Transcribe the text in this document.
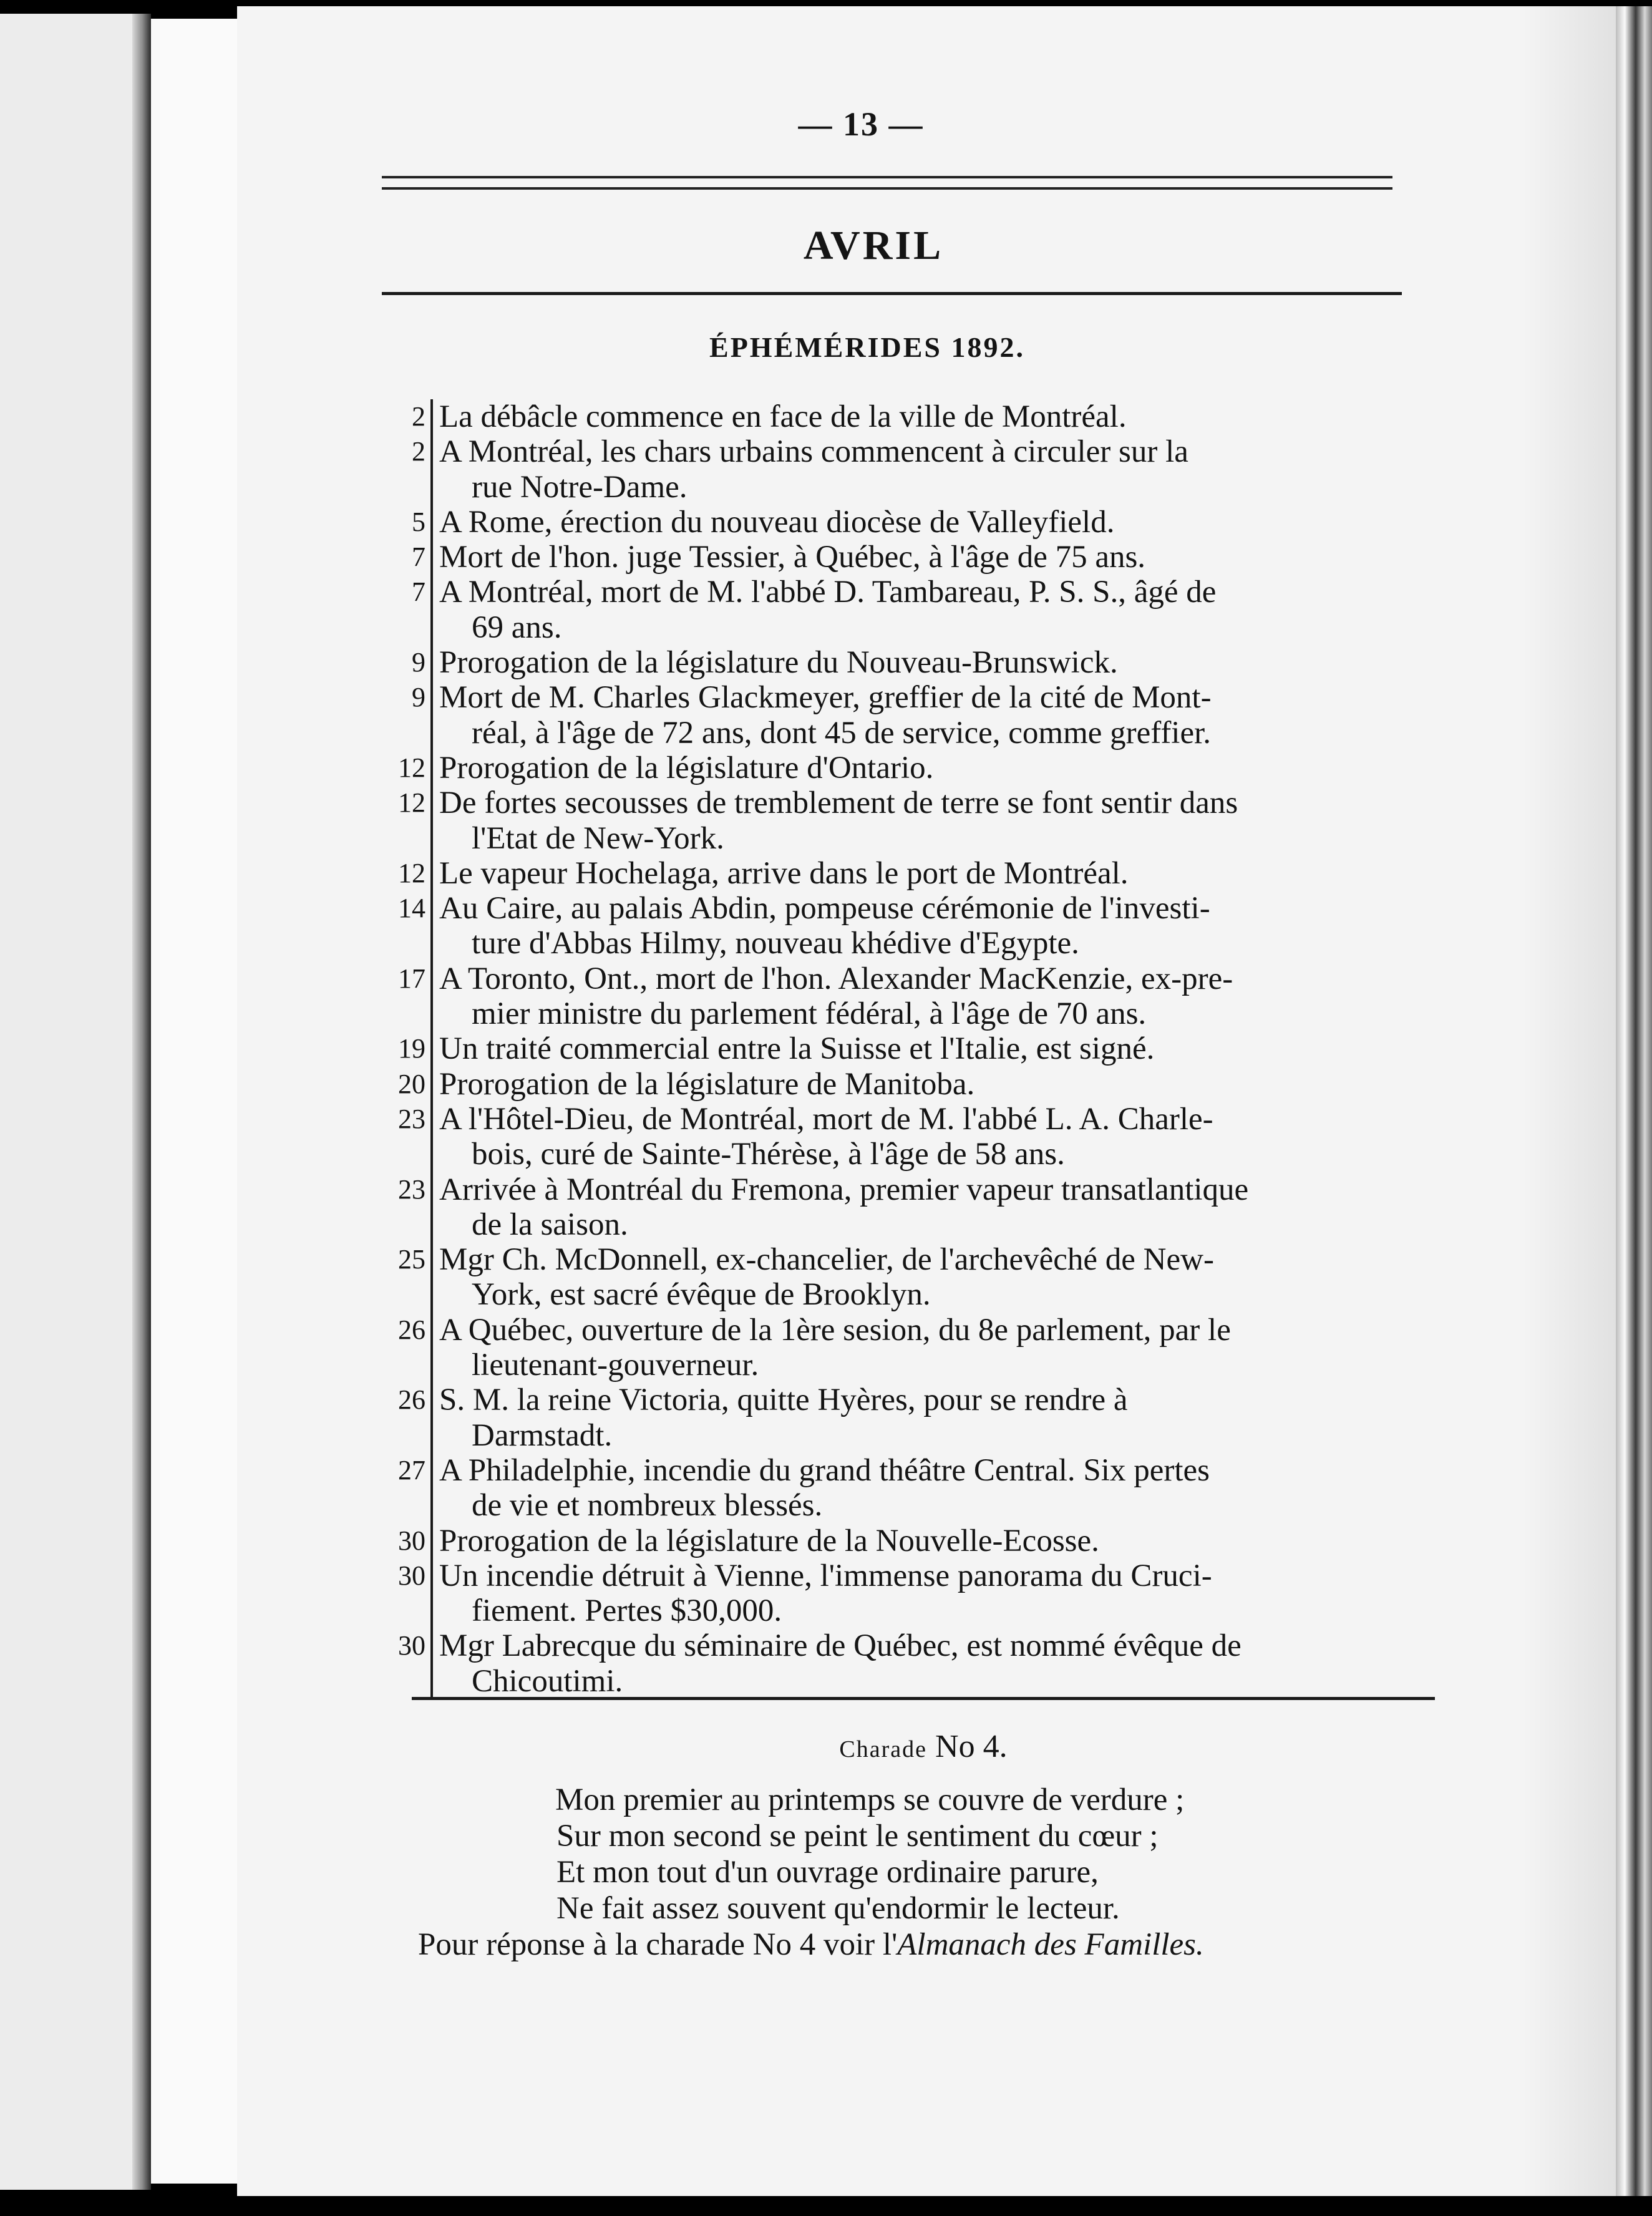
— 13 —
AVRIL
ÉPHÉMÉRIDES 1892.
2 La débâcle commence en face de la ville de Montréal.
2 A Montréal, les chars urbains commencent à circuler sur la
rue Notre-Dame.
5 A Rome, érection du nouveau diocèse de Valleyfield.
7 Mort de l'hon. juge Tessier, à Québec, à l'âge de 75 ans.
7 A Montréal, mort de M. l'abbé D. Tambareau, P. S. S., âgé de
69 ans.
9 Prorogation de la législature du Nouveau-Brunswick.
9 Mort de M. Charles Glackmeyer, greffier de la cité de Mont-
réal, à l'âge de 72 ans, dont 45 de service, comme greffier.
12 Prorogation de la législature d'Ontario.
12 De fortes secousses de tremblement de terre se font sentir dans
l'Etat de New-York.
12 Le vapeur Hochelaga, arrive dans le port de Montréal.
14 Au Caire, au palais Abdin, pompeuse cérémonie de l'investi-
ture d'Abbas Hilmy, nouveau khédive d'Egypte.
17 A Toronto, Ont., mort de l'hon. Alexander MacKenzie, ex-pre-
mier ministre du parlement fédéral, à l'âge de 70 ans.
19 Un traité commercial entre la Suisse et l'Italie, est signé.
20 Prorogation de la législature de Manitoba.
23 A l'Hôtel-Dieu, de Montréal, mort de M. l'abbé L. A. Charle-
bois, curé de Sainte-Thérèse, à l'âge de 58 ans.
23 Arrivée à Montréal du Fremona, premier vapeur transatlantique
de la saison.
25 Mgr Ch. McDonnell, ex-chancelier, de l'archevêché de New-
York, est sacré évêque de Brooklyn.
26 A Québec, ouverture de la 1ère sesion, du 8e parlement, par le
lieutenant-gouverneur.
26 S. M. la reine Victoria, quitte Hyères, pour se rendre à
Darmstadt.
27 A Philadelphie, incendie du grand théâtre Central. Six pertes
de vie et nombreux blessés.
30 Prorogation de la législature de la Nouvelle-Ecosse.
30 Un incendie détruit à Vienne, l'immense panorama du Cruci-
fiement. Pertes $30,000.
30 Mgr Labrecque du séminaire de Québec, est nommé évêque de
Chicoutimi.
Charade No 4.
Mon premier au printemps se couvre de verdure ;
Sur mon second se peint le sentiment du cœur ;
Et mon tout d'un ouvrage ordinaire parure,
Ne fait assez souvent qu'endormir le lecteur.
Pour réponse à la charade No 4 voir l'Almanach des Familles.
